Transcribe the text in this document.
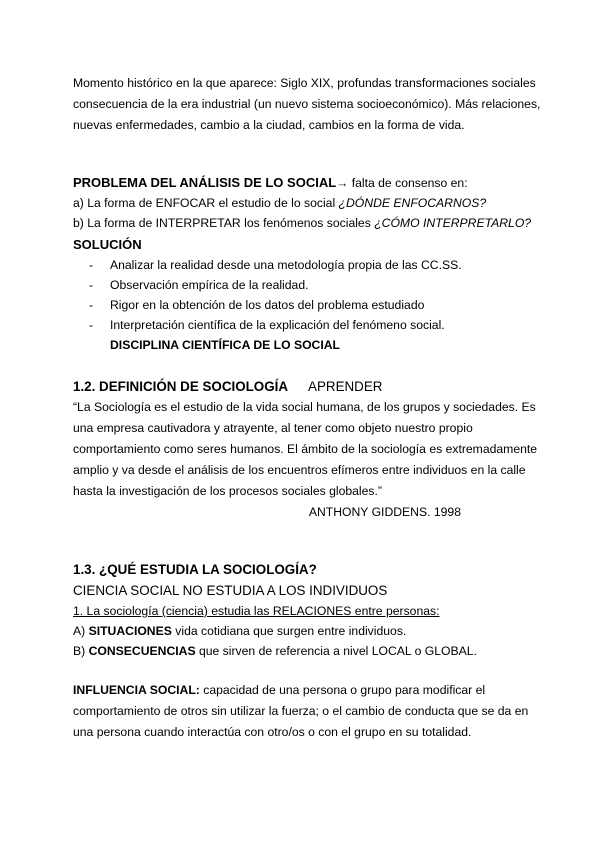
Momento histórico en la que aparece: Siglo XIX, profundas transformaciones sociales consecuencia de la era industrial (un nuevo sistema socioeconómico). Más relaciones, nuevas enfermedades, cambio a la ciudad, cambios en la forma de vida.

PROBLEMA DEL ANÁLISIS DE LO SOCIAL→ falta de consenso en:

a) La forma de ENFOCAR el estudio de lo social ¿DÓNDE ENFOCARNOS?

b) La forma de INTERPRETAR los fenómenos sociales ¿CÓMO INTERPRETARLO?

SOLUCIÓN

- Analizar la realidad desde una metodología propia de las CC.SS.
- Observación empírica de la realidad.
- Rigor en la obtención de los datos del problema estudiado
- Interpretación científica de la explicación del fenómeno social.

DISCIPLINA CIENTÍFICA DE LO SOCIAL

1.2. DEFINICIÓN DE SOCIOLOGÍA APRENDER

“La Sociología es el estudio de la vida social humana, de los grupos y sociedades. Es una empresa cautivadora y atrayente, al tener como objeto nuestro propio comportamiento como seres humanos. El ámbito de la sociología es extremadamente amplio y va desde el análisis de los encuentros efímeros entre individuos en la calle hasta la investigación de los procesos sociales globales.”

ANTHONY GIDDENS. 1998

1.3. ¿QUÉ ESTUDIA LA SOCIOLOGÍA?

CIENCIA SOCIAL NO ESTUDIA A LOS INDIVIDUOS

1. La sociología (ciencia) estudia las RELACIONES entre personas:

A) SITUACIONES vida cotidiana que surgen entre individuos.

B) CONSECUENCIAS que sirven de referencia a nivel LOCAL o GLOBAL.

INFLUENCIA SOCIAL: capacidad de una persona o grupo para modificar el comportamiento de otros sin utilizar la fuerza; o el cambio de conducta que se da en una persona cuando interactúa con otro/os o con el grupo en su totalidad.
